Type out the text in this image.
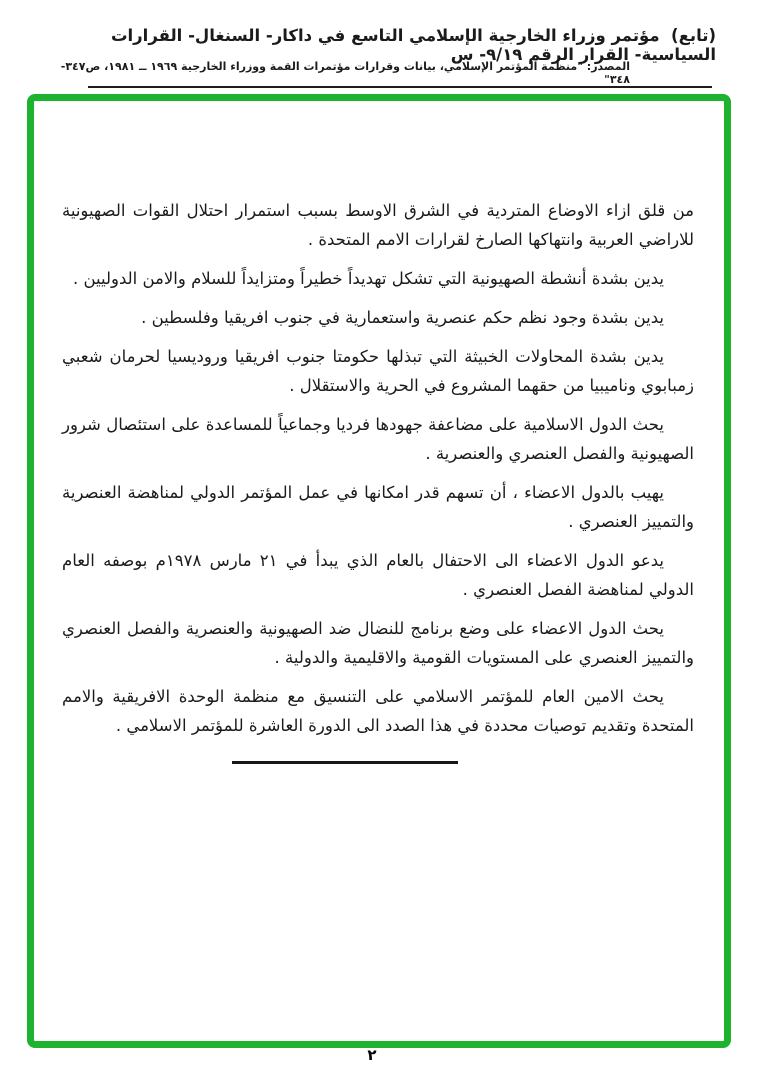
(تابع)  مؤتمر وزراء الخارجية الإسلامي التاسع في داكار- السنغال- القرارات السياسية- القرار الرقم ٩/١٩- س
المصدر: "منظمة المؤتمر الإسلامي، بيانات وقرارات مؤتمرات القمة ووزراء الخارجية ١٩٦٩ ــ ١٩٨١، ص٣٤٧- ٣٤٨"
من قلق ازاء الاوضاع المتردية في الشرق الاوسط بسبب استمرار احتلال القوات الصهيونية للاراضي العربية وانتهاكها الصارخ لقرارات الامم المتحدة .
يدين بشدة أنشطة الصهيونية التي تشكل تهديداً خطيراً ومتزايداً للسلام والامن الدوليين .
يدين بشدة وجود نظم حكم عنصرية واستعمارية في جنوب افريقيا وفلسطين .
يدين بشدة المحاولات الخبيثة التي تبذلها حكومتا جنوب افريقيا وروديسيا لحرمان شعبي زمبابوي وناميبيا من حقهما المشروع في الحرية والاستقلال .
يحث الدول الاسلامية على مضاعفة جهودها فرديا وجماعياً للمساعدة على استئصال شرور الصهيونية والفصل العنصري والعنصرية .
يهيب بالدول الاعضاء ، أن تسهم قدر امكانها في عمل المؤتمر الدولي لمناهضة العنصرية والتمييز العنصري .
يدعو الدول الاعضاء الى الاحتفال بالعام الذي يبدأ في ٢١ مارس ١٩٧٨م بوصفه العام الدولي لمناهضة الفصل العنصري .
يحث الدول الاعضاء على وضع برنامج للنضال ضد الصهيونية والعنصرية والفصل العنصري والتمييز العنصري على المستويات القومية والاقليمية والدولية .
يحث الامين العام للمؤتمر الاسلامي على التنسيق مع منظمة الوحدة الافريقية والامم المتحدة وتقديم توصيات محددة في هذا الصدد الى الدورة العاشرة للمؤتمر الاسلامي .
٢
